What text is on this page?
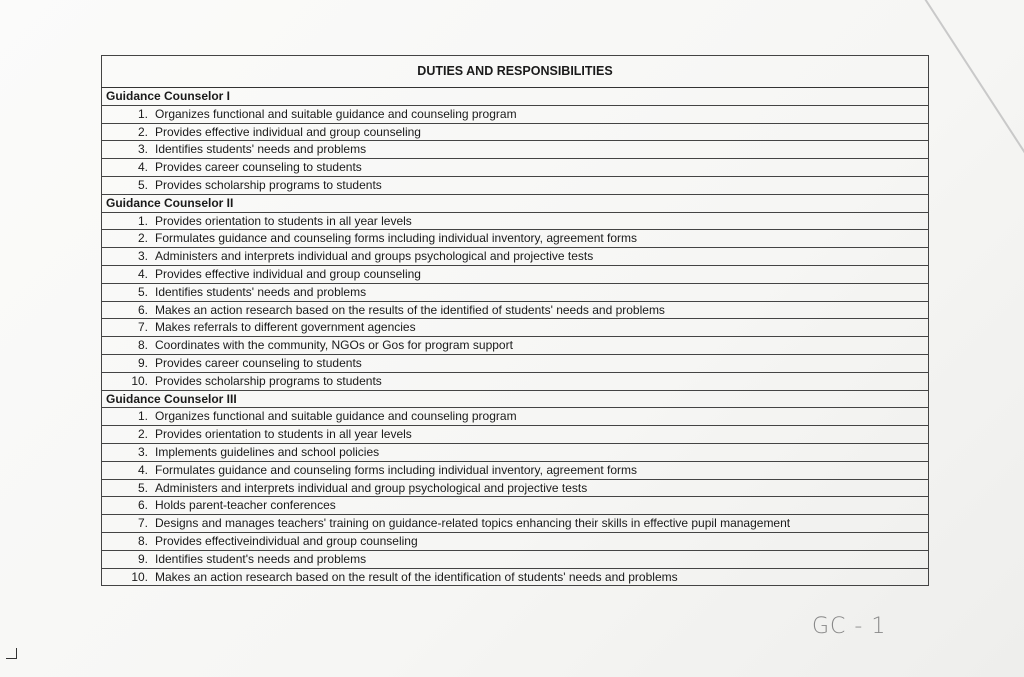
DUTIES AND RESPONSIBILITIES
Guidance Counselor I
1. Organizes functional and suitable guidance and counseling program
2. Provides effective individual and group counseling
3. Identifies students' needs and problems
4. Provides career counseling to students
5. Provides scholarship programs to students
Guidance Counselor II
1. Provides orientation to students in all year levels
2. Formulates guidance and counseling forms including individual inventory, agreement forms
3. Administers and interprets individual and groups psychological and projective tests
4. Provides effective individual and group counseling
5. Identifies students' needs and problems
6. Makes an action research based on the results of the identified of students' needs and problems
7. Makes referrals to different government agencies
8. Coordinates with the community, NGOs or Gos for program support
9. Provides career counseling to students
10. Provides scholarship programs to students
Guidance Counselor III
1. Organizes functional and suitable guidance and counseling program
2. Provides orientation to students in all year levels
3. Implements guidelines and school policies
4. Formulates guidance and counseling forms including individual inventory, agreement forms
5. Administers and interprets individual and group psychological and projective tests
6. Holds parent-teacher conferences
7. Designs and manages teachers' training on guidance-related topics enhancing their skills in effective pupil management
8. Provides effectiveindividual and group counseling
9. Identifies student's needs and problems
10. Makes an action research based on the result of the identification of students' needs and problems
GC - 1
